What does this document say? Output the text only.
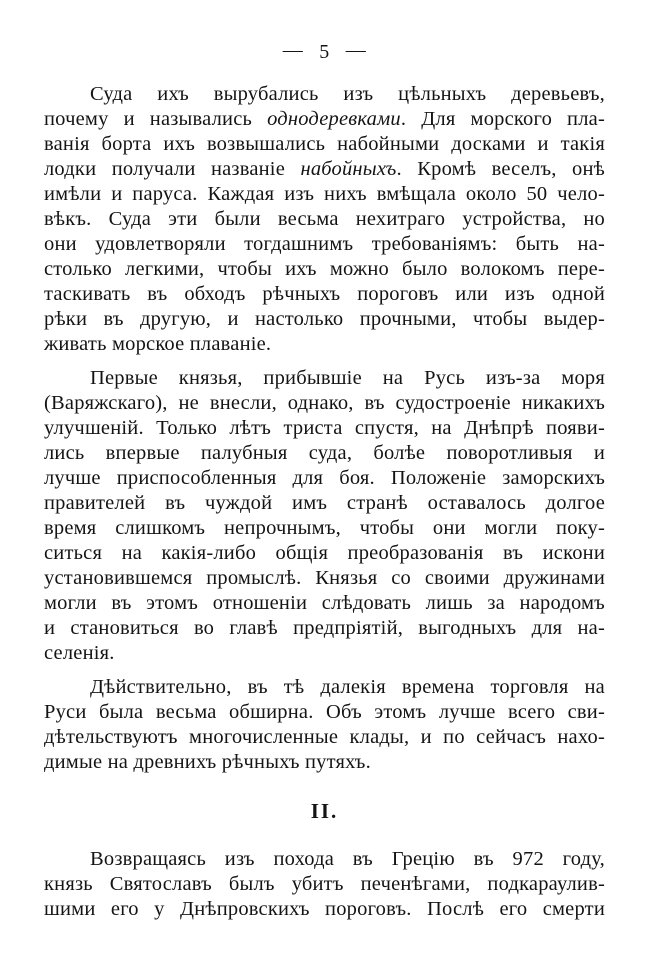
— 5 —
Суда ихъ вырубались изъ цѣльныхъ деревьевъ,
почему и назывались однодеревками. Для морского пла-
ванія борта ихъ возвышались набойными досками и такія
лодки получали названіе набойныхъ. Кромѣ веселъ, онѣ
имѣли и паруса. Каждая изъ нихъ вмѣщала около 50 чело-
вѣкъ. Суда эти были весьма нехитраго устройства, но
они удовлетворяли тогдашнимъ требованіямъ: быть на-
столько легкими, чтобы ихъ можно было волокомъ пере-
таскивать въ обходъ рѣчныхъ пороговъ или изъ одной
рѣки въ другую, и настолько прочными, чтобы выдер-
живать морское плаваніе.
Первые князья, прибывшіе на Русь изъ-за моря
(Варяжскаго), не внесли, однако, въ судостроеніе никакихъ
улучшеній. Только лѣтъ триста спустя, на Днѣпрѣ появи-
лись впервые палубныя суда, болѣе поворотливыя и
лучше приспособленныя для боя. Положеніе заморскихъ
правителей въ чуждой имъ странѣ оставалось долгое
время слишкомъ непрочнымъ, чтобы они могли поку-
ситься на какія-либо общія преобразованія въ искони
установившемся промыслѣ. Князья со своими дружинами
могли въ этомъ отношеніи слѣдовать лишь за народомъ
и становиться во главѣ предпріятій, выгодныхъ для на-
селенія.
Дѣйствительно, въ тѣ далекія времена торговля на
Руси была весьма обширна. Объ этомъ лучше всего сви-
дѣтельствуютъ многочисленные клады, и по сейчасъ нахо-
димые на древнихъ рѣчныхъ путяхъ.
II.
Возвращаясь изъ похода въ Грецію въ 972 году,
князь Святославъ былъ убитъ печенѣгами, подкараулив-
шими его у Днѣпровскихъ пороговъ. Послѣ его смерти
